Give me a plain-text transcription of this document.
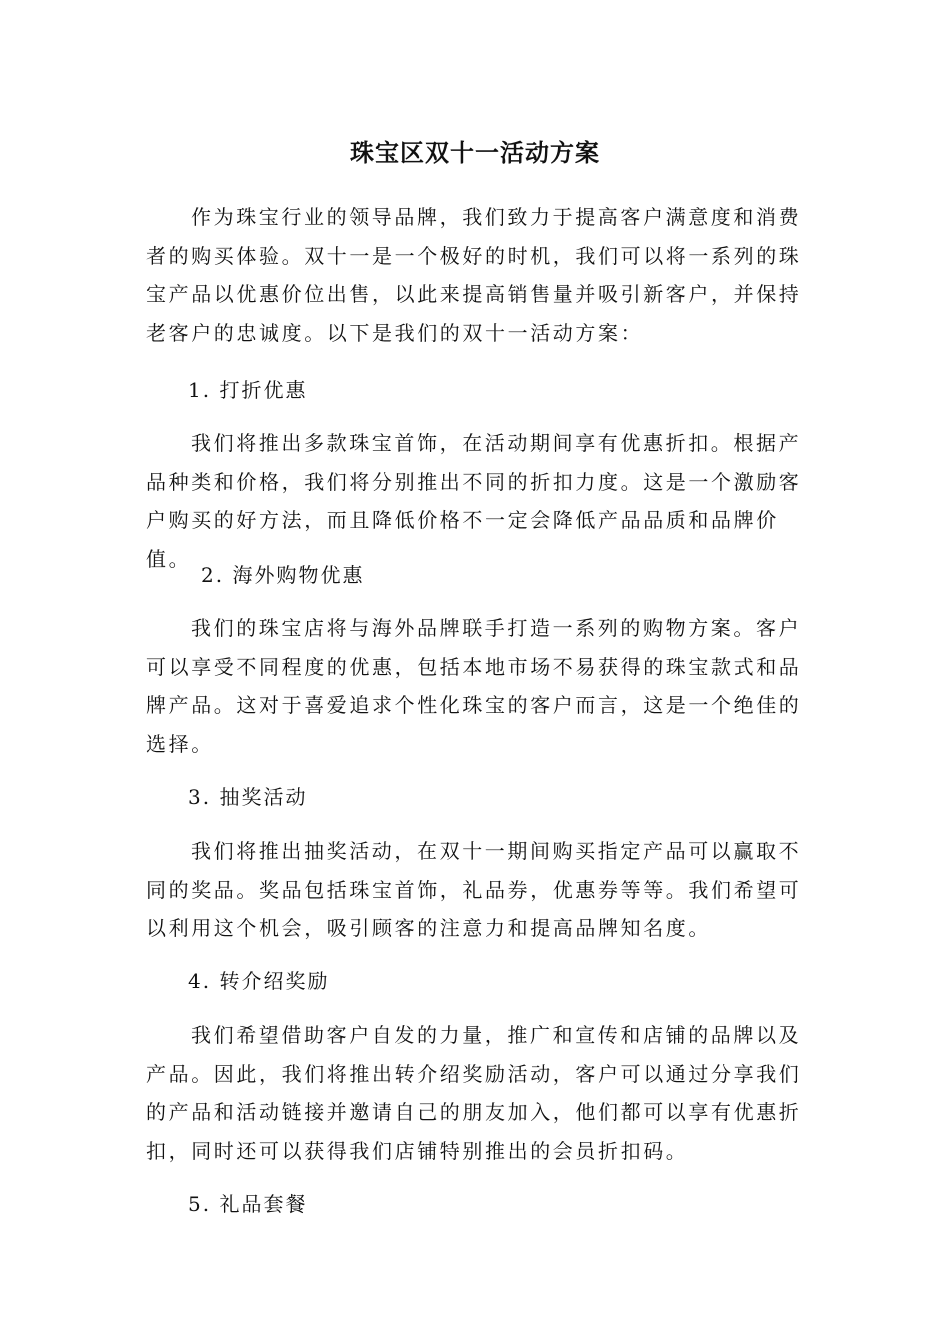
珠宝区双十一活动方案

作为珠宝行业的领导品牌，我们致力于提高客户满意度和消费者的购买体验。双十一是一个极好的时机，我们可以将一系列的珠宝产品以优惠价位出售，以此来提高销售量并吸引新客户，并保持老客户的忠诚度。以下是我们的双十一活动方案：

1. 打折优惠

我们将推出多款珠宝首饰，在活动期间享有优惠折扣。根据产品种类和价格，我们将分别推出不同的折扣力度。这是一个激励客户购买的好方法，而且降低价格不一定会降低产品品质和品牌价值。

2. 海外购物优惠

我们的珠宝店将与海外品牌联手打造一系列的购物方案。客户可以享受不同程度的优惠，包括本地市场不易获得的珠宝款式和品牌产品。这对于喜爱追求个性化珠宝的客户而言，这是一个绝佳的选择。

3. 抽奖活动

我们将推出抽奖活动，在双十一期间购买指定产品可以赢取不同的奖品。奖品包括珠宝首饰，礼品券，优惠券等等。我们希望可以利用这个机会，吸引顾客的注意力和提高品牌知名度。

4. 转介绍奖励

我们希望借助客户自发的力量，推广和宣传和店铺的品牌以及产品。因此，我们将推出转介绍奖励活动，客户可以通过分享我们的产品和活动链接并邀请自己的朋友加入，他们都可以享有优惠折扣，同时还可以获得我们店铺特别推出的会员折扣码。

5. 礼品套餐
